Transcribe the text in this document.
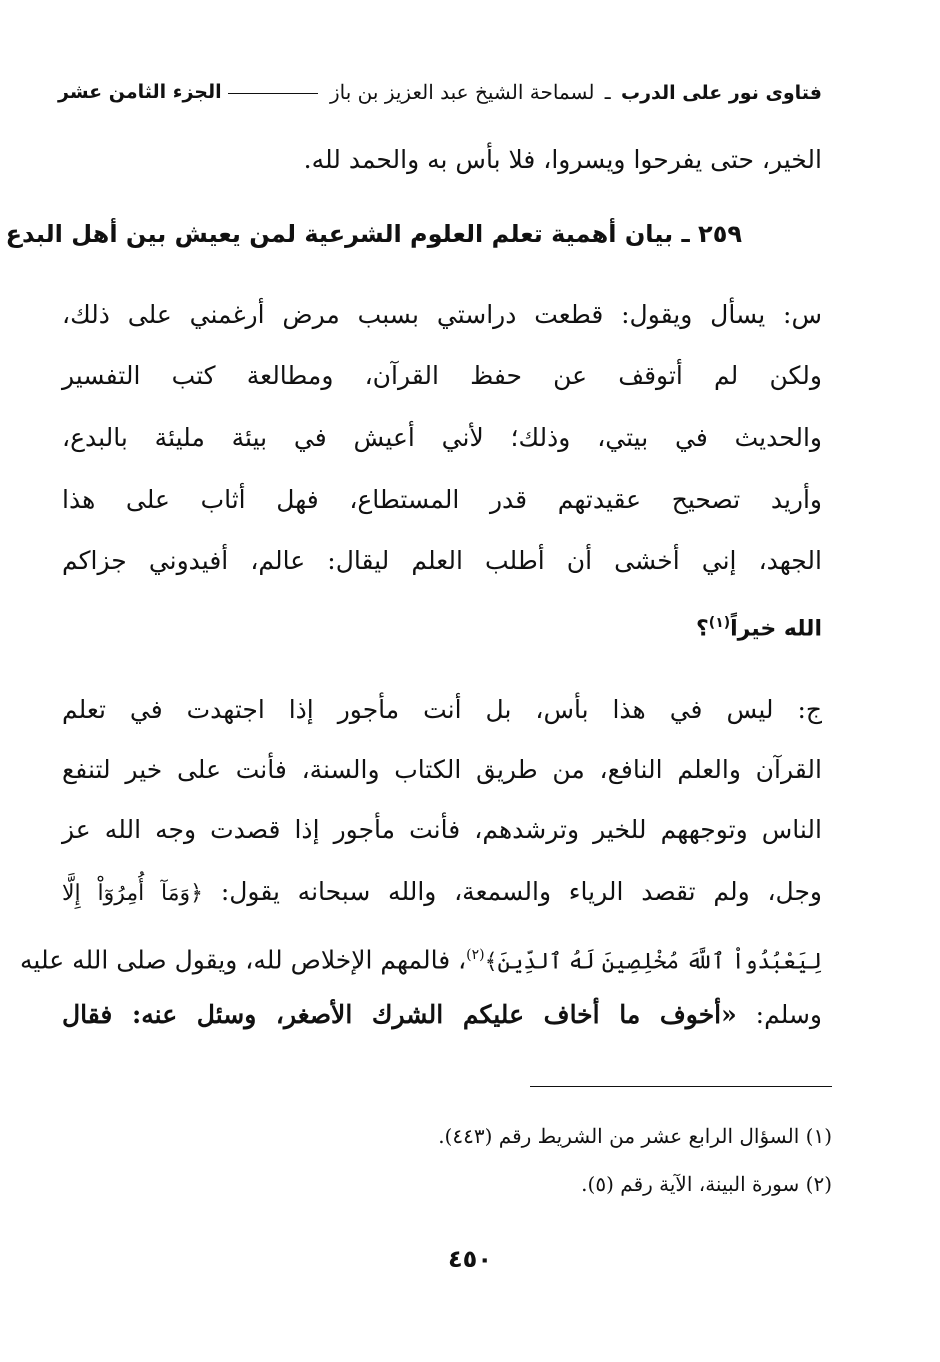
فتاوى نور على الدرب ـ لسماحة الشيخ عبد العزيز بن باز
الجزء الثامن عشر
الخير، حتى يفرحوا ويسروا، فلا بأس به والحمد لله.
٢٥٩ ـ بيان أهمية تعلم العلوم الشرعية لمن يعيش بين أهل البدع
س: يسأل ويقول: قطعت دراستي بسبب مرض أرغمني على ذلك،
ولكن لم أتوقف عن حفظ القرآن، ومطالعة كتب التفسير
والحديث في بيتي، وذلك؛ لأني أعيش في بيئة مليئة بالبدع،
وأريد تصحيح عقيدتهم قدر المستطاع، فهل أثاب على هذا
الجهد، إني أخشى أن أطلب العلم ليقال: عالم، أفيدوني جزاكم
الله خيراً$^{(١)}$؟
ج: ليس في هذا بأس، بل أنت مأجور إذا اجتهدت في تعلم
القرآن والعلم النافع، من طريق الكتاب والسنة، فأنت على خير لتنفع
الناس وتوجههم للخير وترشدهم، فأنت مأجور إذا قصدت وجه الله عز
وجل، ولم تقصد الرياء والسمعة، والله سبحانه يقول: ﴿وَمَآ أُمِرُوٓاْ إِلَّا
لِيَعْبُدُواْ ٱللَّهَ مُخْلِصِينَ لَهُ ٱلدِّينَ﴾$^{(٢)}$، فالمهم الإخلاص لله، ويقول صلى الله عليه
وسلم: «أخوف ما أخاف عليكم الشرك الأصغر، وسئل عنه: فقال
(١) السؤال الرابع عشر من الشريط رقم (٤٤٣).
(٢) سورة البينة، الآية رقم (٥).
٤٥٠
